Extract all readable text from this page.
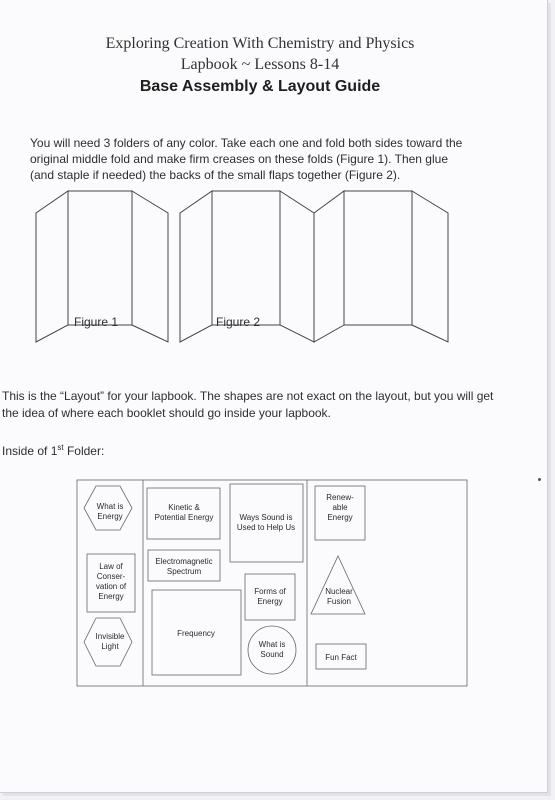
Exploring Creation With Chemistry and Physics
Lapbook ~ Lessons 8-14
Base Assembly & Layout Guide
You will need 3 folders of any color. Take each one and fold both sides toward the
original middle fold and make firm creases on these folds (Figure 1). Then glue
(and staple if needed) the backs of the small flaps together (Figure 2).
Figure 1	Figure 2
This is the “Layout” for your lapbook. The shapes are not exact on the layout, but you will get
the idea of where each booklet should go inside your lapbook.
Inside of 1st Folder:
What is
Energy
Law of
Conser-
vation of
Energy
Invisible
Light
Kinetic &
Potential Energy	Ways Sound is
Used to Help Us
Electromagnetic
Spectrum
Frequency
Forms of
Energy
What is
Sound
Renew-
able
Energy
Nuclear
Fusion
Fun Fact
